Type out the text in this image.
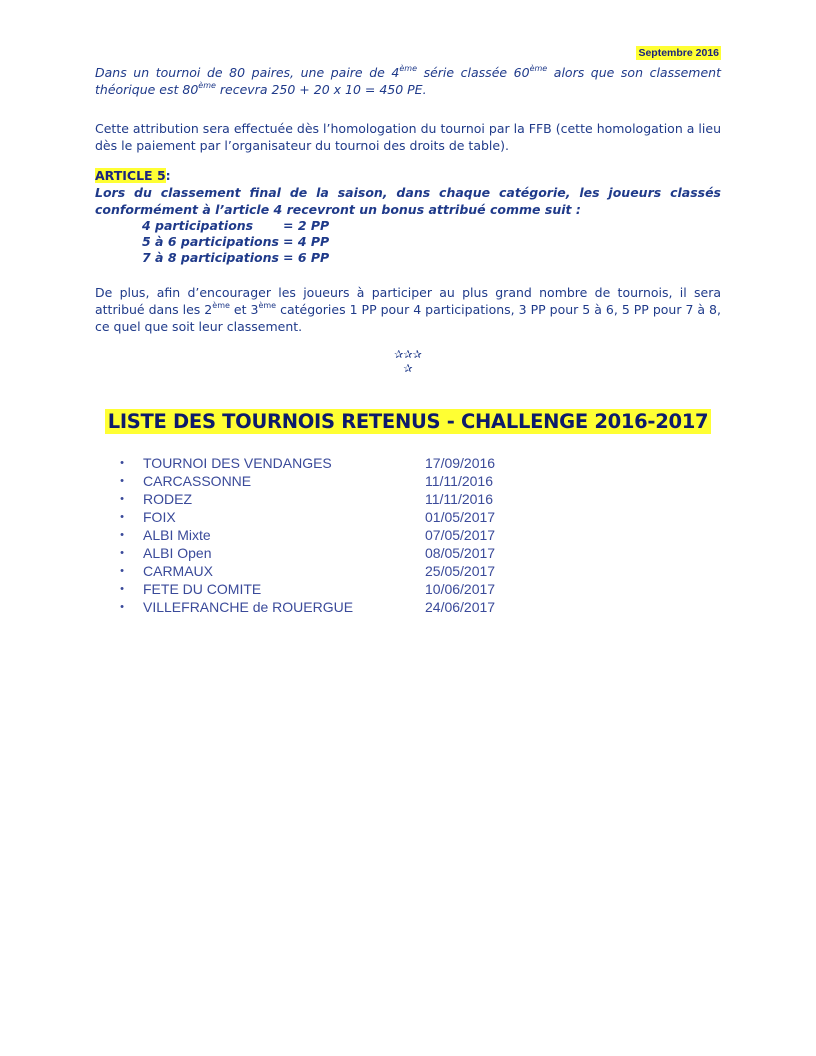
Septembre 2016

Dans un tournoi de 80 paires, une paire de 4ème série classée 60ème alors que son classement théorique est 80ème recevra 250 + 20 x 10 = 450 PE.

Cette attribution sera effectuée dès l’homologation du tournoi par la FFB (cette homologation a lieu dès le paiement par l’organisateur du tournoi des droits de table).

ARTICLE 5:

Lors du classement final de la saison, dans chaque catégorie, les joueurs classés conformément à l’article 4 recevront un bonus attribué comme suit :

4 participations = 2 PP
5 à 6 participations = 4 PP
7 à 8 participations = 6 PP

De plus, afin d’encourager les joueurs à participer au plus grand nombre de tournois, il sera attribué dans les 2ème et 3ème catégories 1 PP pour 4 participations, 3 PP pour 5 à 6, 5 PP pour 7 à 8, ce quel que soit leur classement.

✰✰✰
✰
LISTE DES TOURNOIS RETENUS - CHALLENGE 2016-2017
•	TOURNOI DES VENDANGES	17/09/2016
•	CARCASSONNE	11/11/2016
•	RODEZ	11/11/2016
•	FOIX	01/05/2017
•	ALBI Mixte	07/05/2017
•	ALBI Open	08/05/2017
•	CARMAUX	25/05/2017
•	FETE DU COMITE	10/06/2017
•	VILLEFRANCHE de ROUERGUE	24/06/2017
